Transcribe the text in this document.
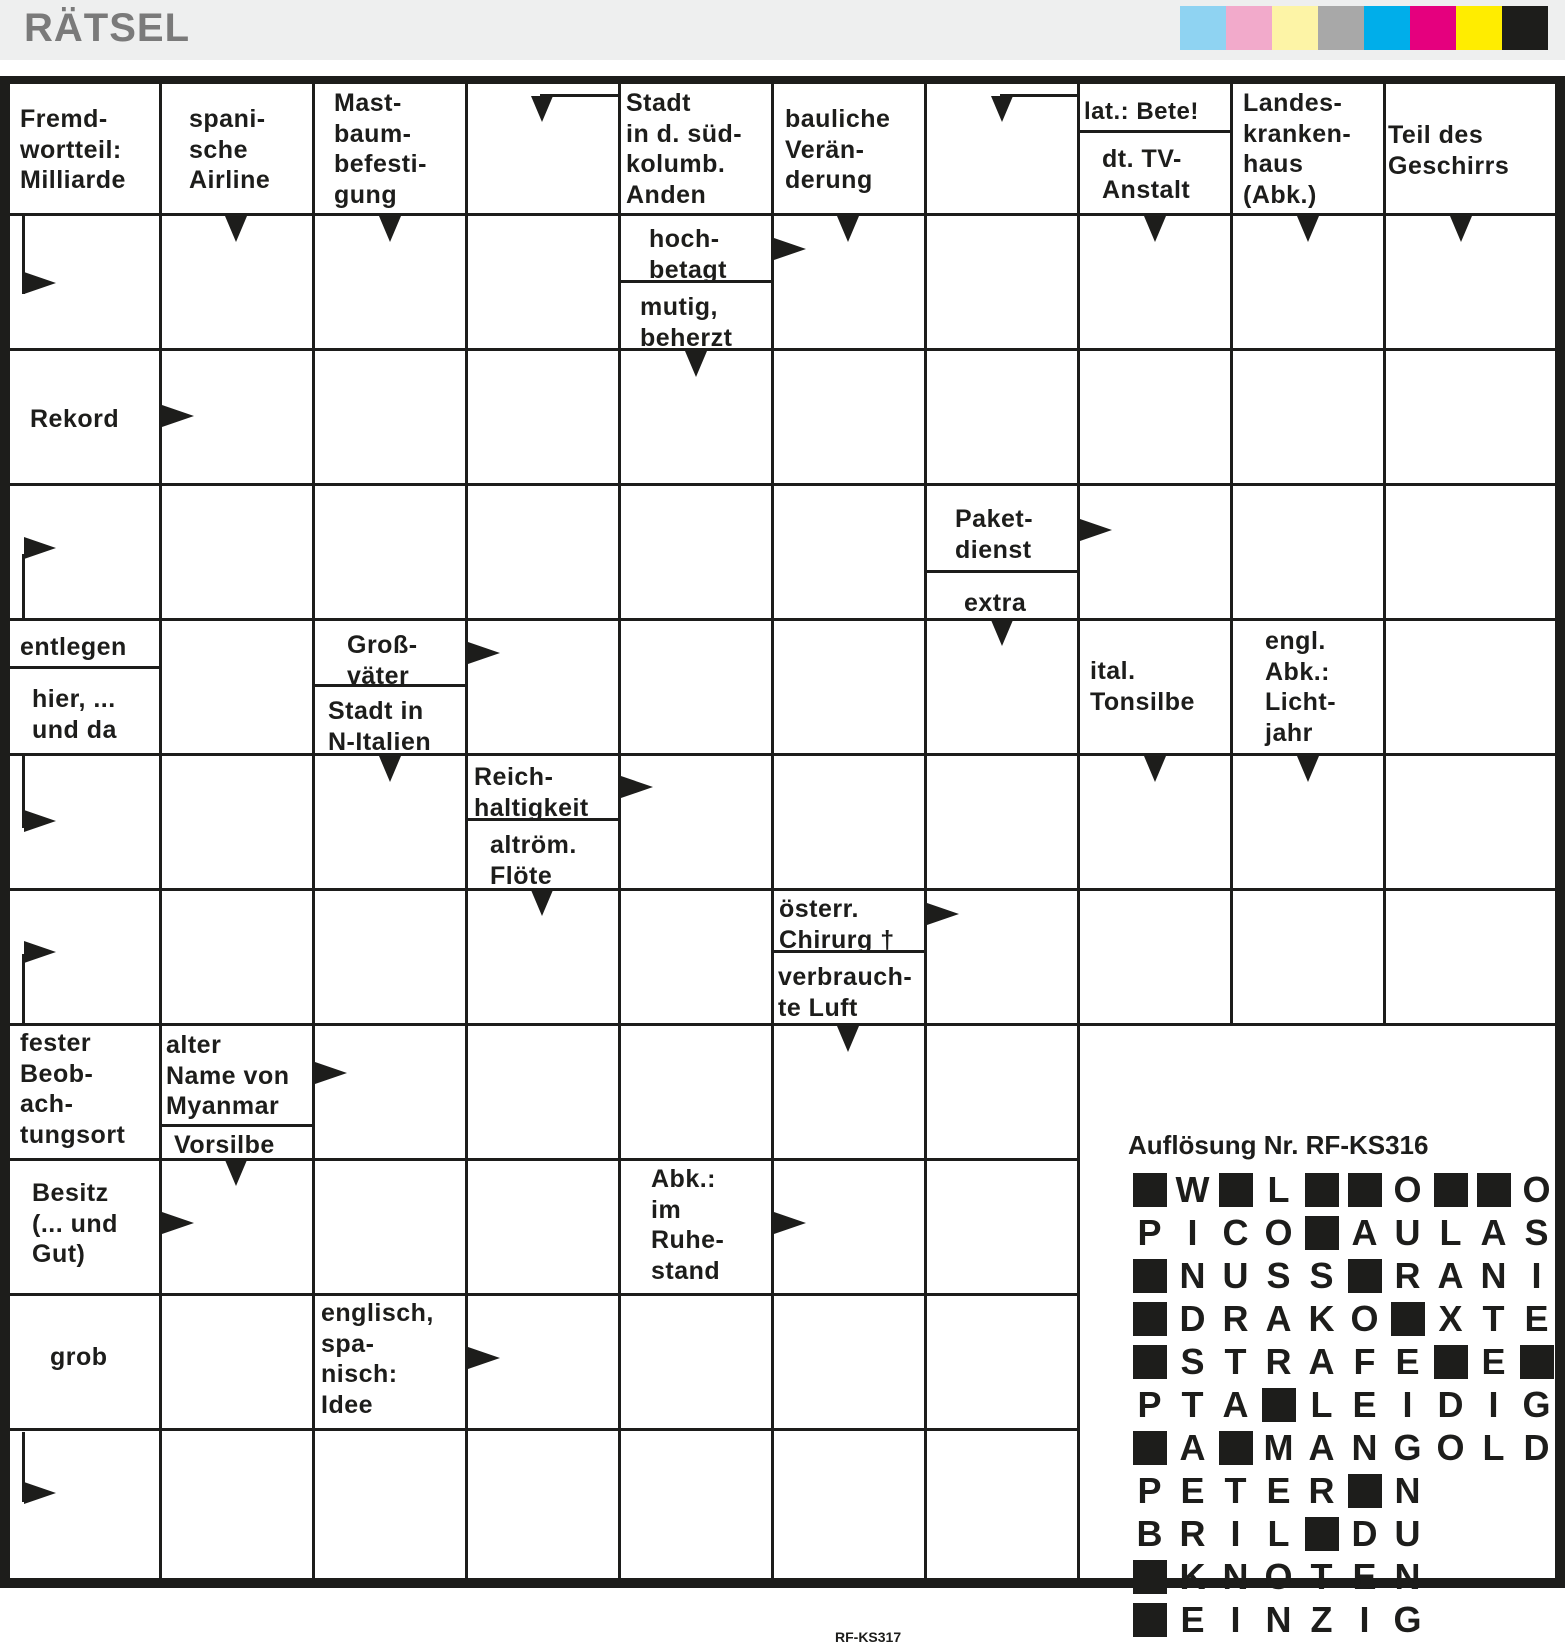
RÄTSEL
Fremd-
wortteil:
Milliarde
spani-
sche
Airline
Mast-
baum-
befesti-
gung
Stadt
in d. süd-
kolumb.
Anden
bauliche
Verän-
derung
lat.: Bete!
dt. TV-
Anstalt
Landes-
kranken-
haus
(Abk.)
Teil des
Geschirrs
hoch-
betagt
mutig,
beherzt
Rekord
Paket-
dienst
extra
entlegen
hier, ...
und da
Groß-
väter
Stadt in
N-Italien
ital.
Tonsilbe
engl.
Abk.:
Licht-
jahr
Reich-
haltigkeit
altröm.
Flöte
österr.
Chirurg †
verbrauch-
te Luft
fester
Beob-
ach-
tungsort
alter
Name von
Myanmar
Vorsilbe
Besitz
(... und
Gut)
Abk.:
im
Ruhe-
stand
grob
englisch,
spa-
nisch:
Idee
Auflösung Nr. RF-KS316
W L	O	O
P I C O A U L A S
N U S S R A N I
D R A K O X T E
S T R A F E E
P T A L E I D I G
A M A N G O L D
P E T E R N
B R I L D U
K N O T E N
E I N Z I G
RF-KS317
